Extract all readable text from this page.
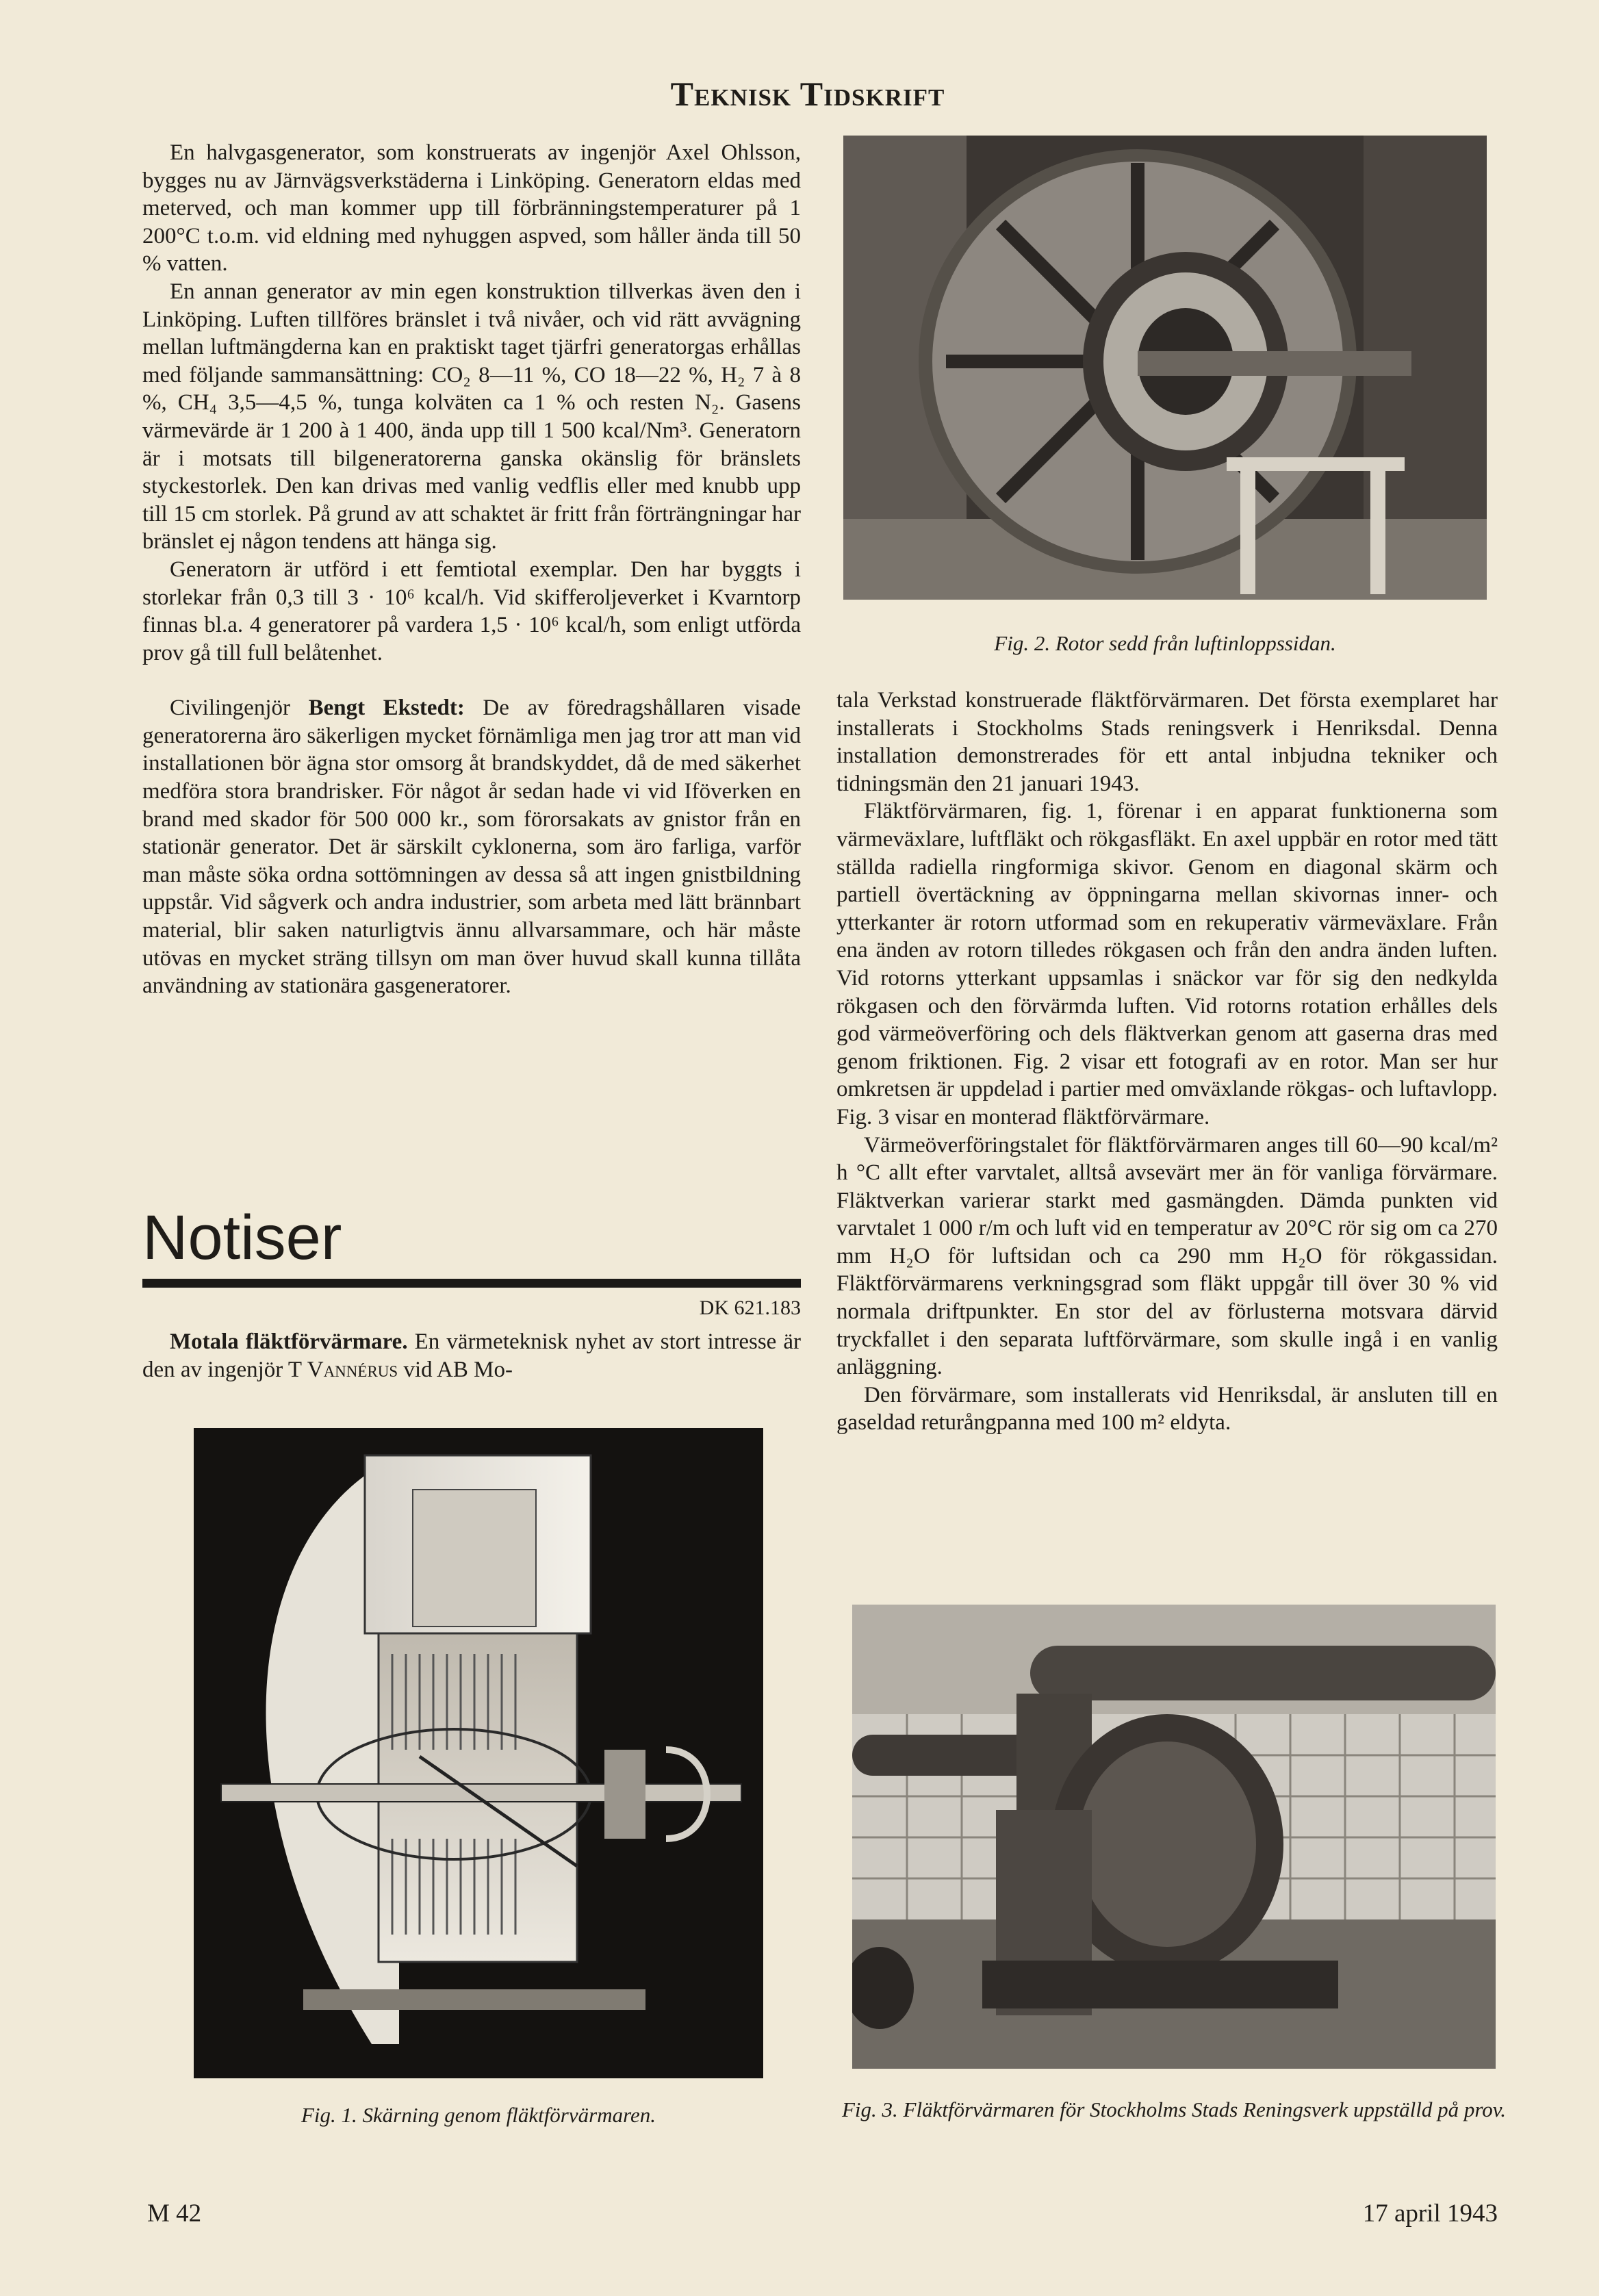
Teknisk Tidskrift

En halvgasgenerator, som konstruerats av ingenjör Axel Ohlsson, bygges nu av Järnvägsverkstäderna i Linköping. Generatorn eldas med meterved, och man kommer upp till förbränningstemperaturer på 1 200°C t.o.m. vid eldning med nyhuggen aspved, som håller ända till 50 % vatten.

En annan generator av min egen konstruktion tillverkas även den i Linköping. Luften tillföres bränslet i två nivåer, och vid rätt avvägning mellan luftmängderna kan en praktiskt taget tjärfri generatorgas erhållas med följande sammansättning: CO₂ 8—11 %, CO 18—22 %, H₂ 7 à 8 %, CH₄ 3,5—4,5 %, tunga kolväten ca 1 % och resten N₂. Gasens värmevärde är 1 200 à 1 400, ända upp till 1 500 kcal/Nm³. Generatorn är i motsats till bilgeneratorerna ganska okänslig för bränslets styckestorlek. Den kan drivas med vanlig vedflis eller med knubb upp till 15 cm storlek. På grund av att schaktet är fritt från förträngningar har bränslet ej någon tendens att hänga sig.

Generatorn är utförd i ett femtiotal exemplar. Den har byggts i storlekar från 0,3 till 3 · 10⁶ kcal/h. Vid skifferoljeverket i Kvarntorp finnas bl.a. 4 generatorer på vardera 1,5 · 10⁶ kcal/h, som enligt utförda prov gå till full belåtenhet.

Civilingenjör Bengt Ekstedt: De av föredragshållaren visade generatorerna äro säkerligen mycket förnämliga men jag tror att man vid installationen bör ägna stor omsorg åt brandskyddet, då de med säkerhet medföra stora brandrisker. För något år sedan hade vi vid Iföverken en brand med skador för 500 000 kr., som förorsakats av gnistor från en stationär generator. Det är särskilt cyklonerna, som äro farliga, varför man måste söka ordna sottömningen av dessa så att ingen gnistbildning uppstår. Vid sågverk och andra industrier, som arbeta med lätt brännbart material, blir saken naturligtvis ännu allvarsammare, och här måste utövas en mycket sträng tillsyn om man över huvud skall kunna tillåta användning av stationära gasgeneratorer.

Notiser
DK 621.183

Motala fläktförvärmare. En värmeteknisk nyhet av stort intresse är den av ingenjör T Vannérus vid AB Mo-

tala Verkstad konstruerade fläktförvärmaren. Det första exemplaret har installerats i Stockholms Stads reningsverk i Henriksdal. Denna installation demonstrerades för ett antal inbjudna tekniker och tidningsmän den 21 januari 1943.

Fläktförvärmaren, fig. 1, förenar i en apparat funktionerna som värmeväxlare, luftfläkt och rökgasfläkt. En axel uppbär en rotor med tätt ställda radiella ringformiga skivor. Genom en diagonal skärm och partiell övertäckning av öppningarna mellan skivornas inner- och ytterkanter är rotorn utformad som en rekuperativ värmeväxlare. Från ena änden av rotorn tilledes rökgasen och från den andra änden luften. Vid rotorns ytterkant uppsamlas i snäckor var för sig den nedkylda rökgasen och den förvärmda luften. Vid rotorns rotation erhålles dels god värmeöverföring och dels fläktverkan genom att gaserna dras med genom friktionen. Fig. 2 visar ett fotografi av en rotor. Man ser hur omkretsen är uppdelad i partier med omväxlande rökgas- och luftavlopp. Fig. 3 visar en monterad fläktförvärmare.

Värmeöverföringstalet för fläktförvärmaren anges till 60—90 kcal/m² h °C allt efter varvtalet, alltså avsevärt mer än för vanliga förvärmare. Fläktverkan varierar starkt med gasmängden. Dämda punkten vid varvtalet 1 000 r/m och luft vid en temperatur av 20°C rör sig om ca 270 mm H₂O för luftsidan och ca 290 mm H₂O för rökgassidan. Fläktförvärmarens verkningsgrad som fläkt uppgår till över 30 % vid normala driftpunkter. En stor del av förlusterna motsvara därvid tryckfallet i den separata luftförvärmare, som skulle ingå i en vanlig anläggning.

Den förvärmare, som installerats vid Henriksdal, är ansluten till en gaseldad returångpanna med 100 m² eldyta.

Fig. 1. Skärning genom fläktförvärmaren.
Fig. 2. Rotor sedd från luftinloppssidan.
Fig. 3. Fläktförvärmaren för Stockholms Stads Reningsverk uppställd på prov.
M 42	17 april 1943
